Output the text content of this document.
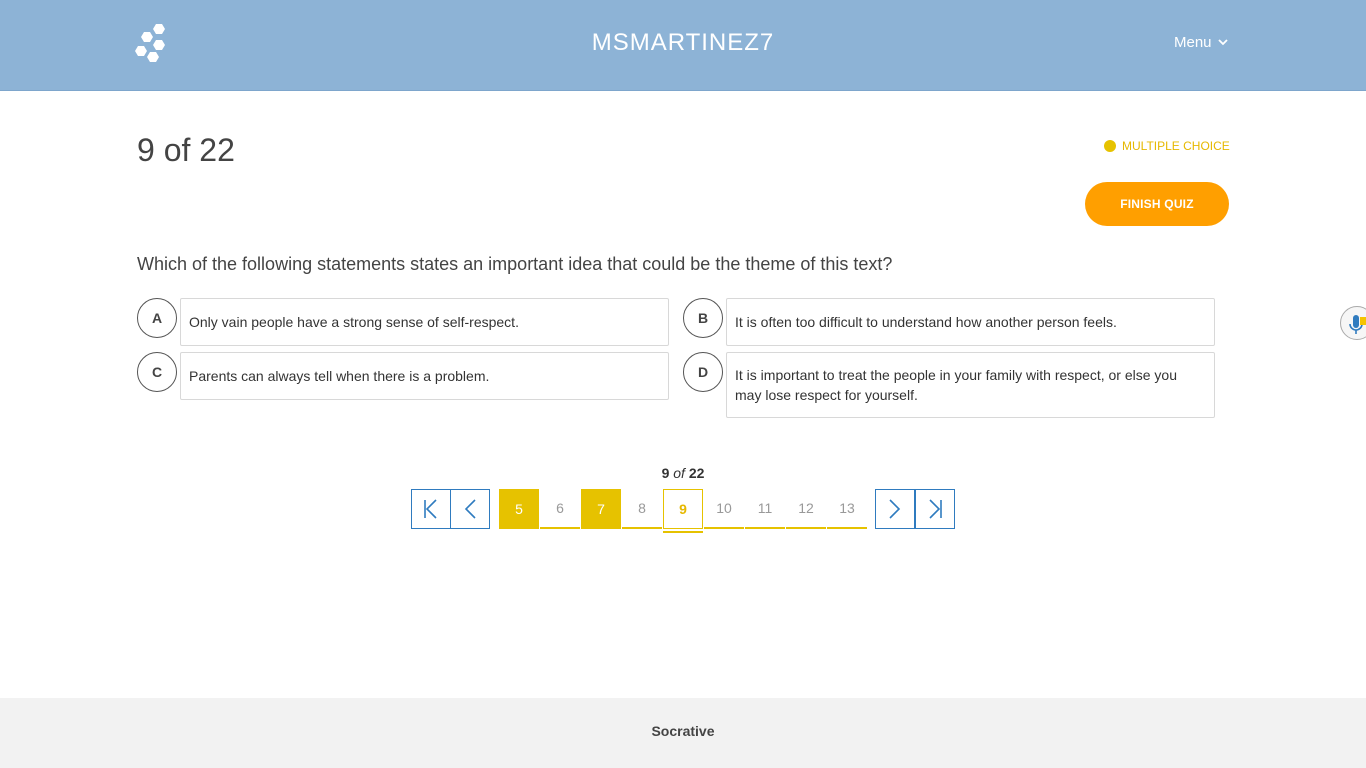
MSMARTINEZ7	Menu
9 of 22	MULTIPLE CHOICE
FINISH QUIZ
Which of the following statements states an important idea that could be the theme of this text?
A	Only vain people have a strong sense of self-respect.	B	It is often too difficult to understand how another person feels.
C	Parents can always tell when there is a problem.	D	It is important to treat the people in your family with respect, or else you may lose respect for yourself.
9 of 22
5	6	7	8	9	10	11	12	13
Socrative
